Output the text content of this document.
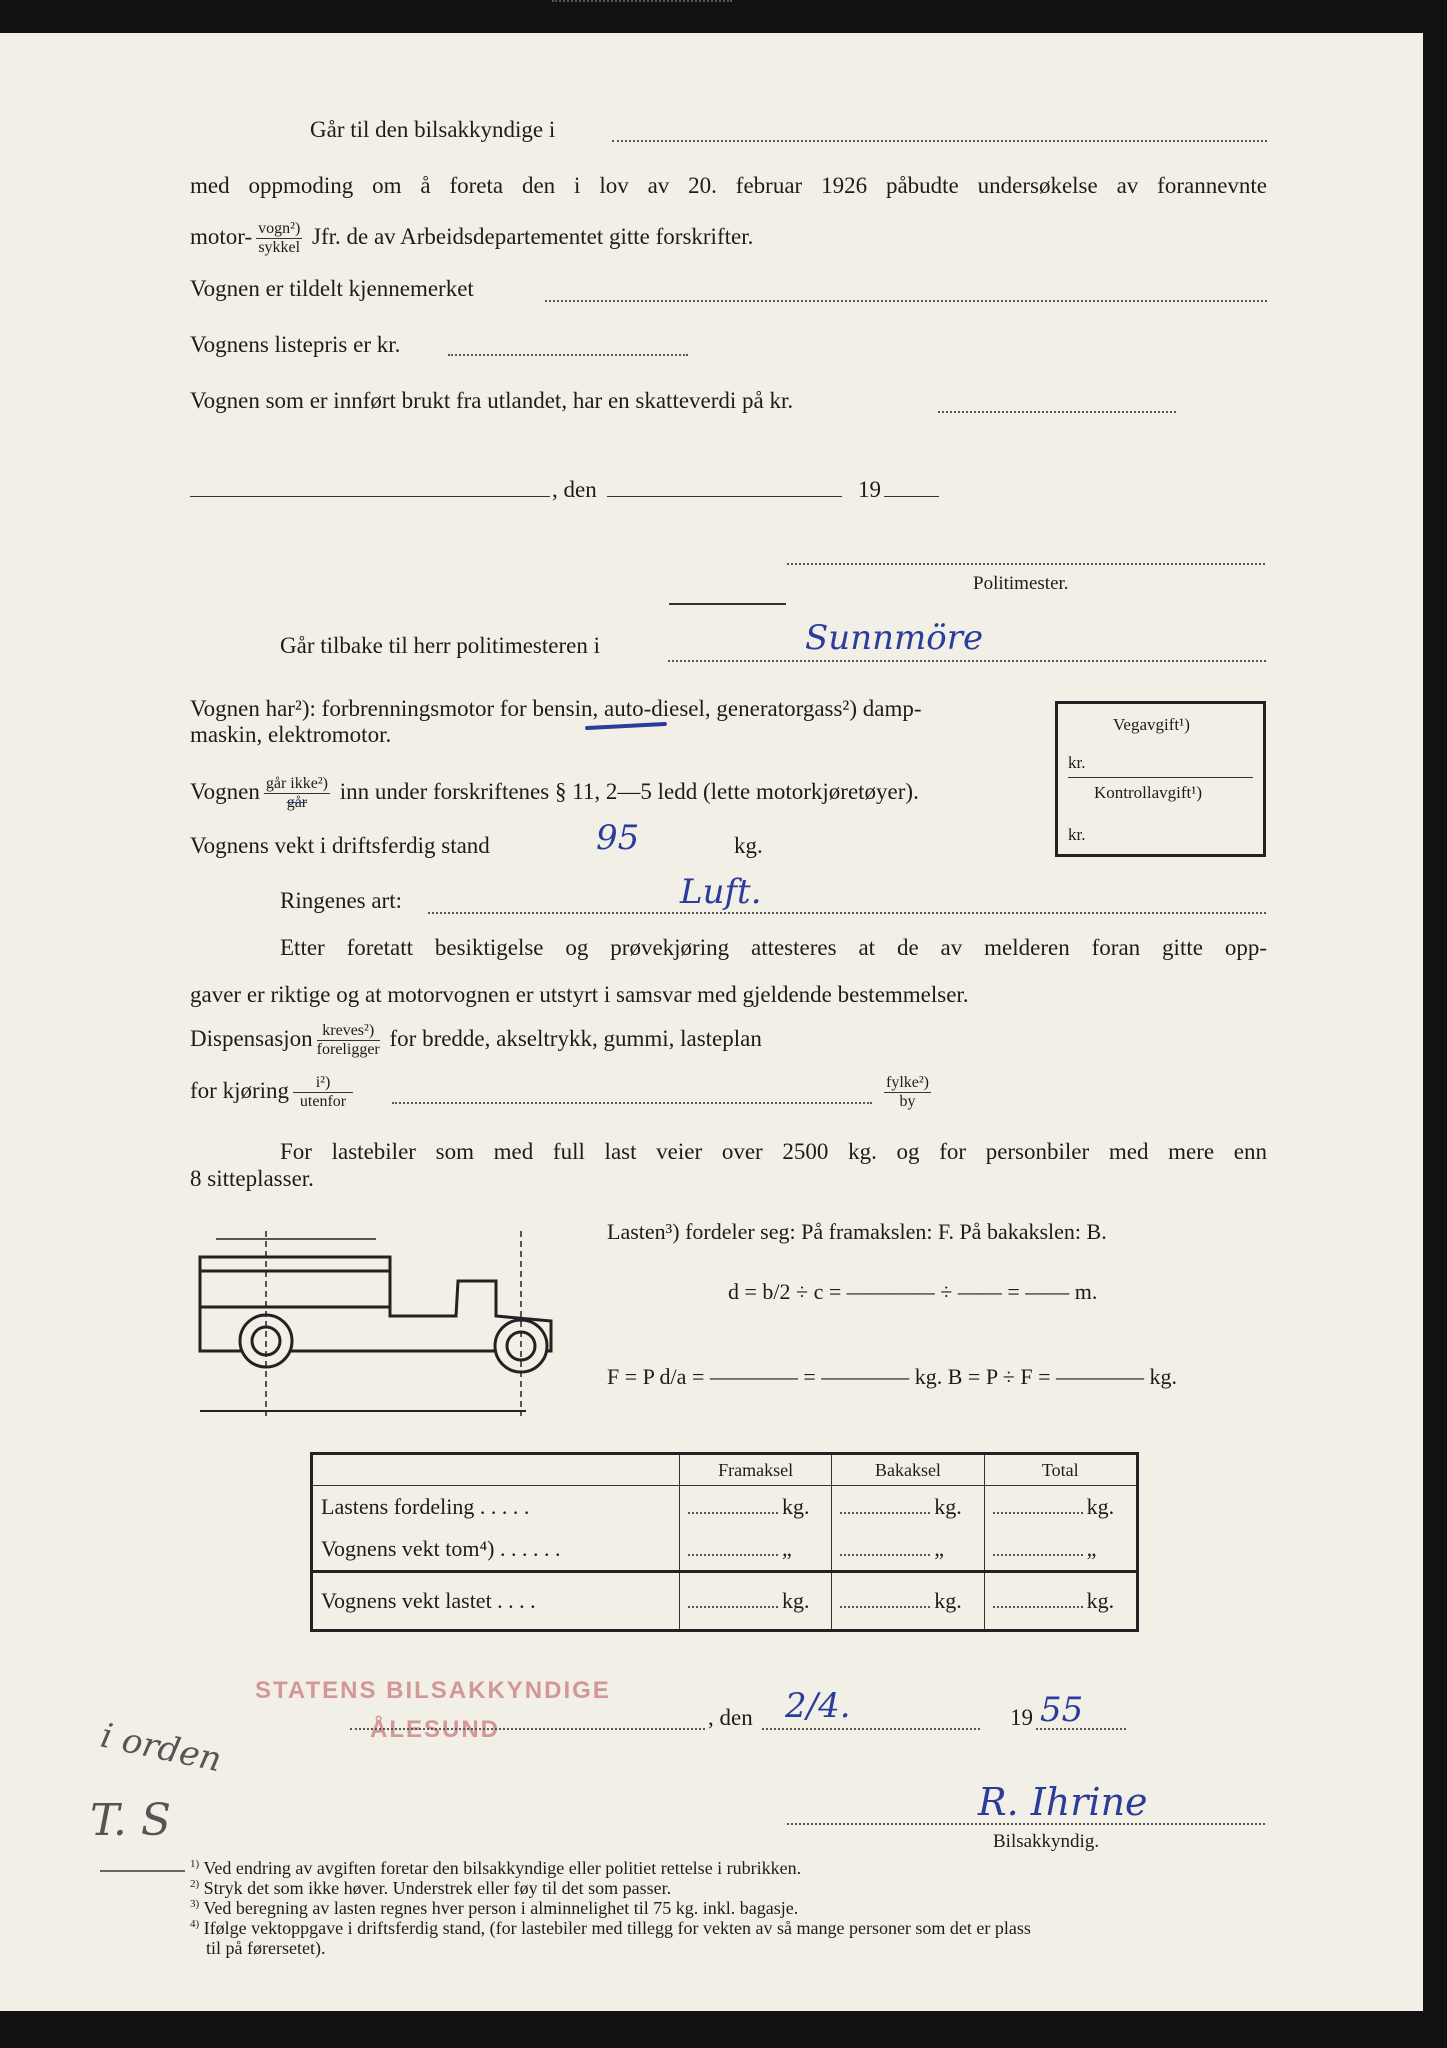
Går til den bilsakkyndige i
med oppmoding om å foreta den i lov av 20. februar 1926 påbudte undersøkelse av forannevnte
motor- $\frac{\text{vogn²)}}{\text{sykkel}}$ Jfr. de av Arbeidsdepartementet gitte forskrifter.
Vognen er tildelt kjennemerket
Vognens listepris er kr.
Vognen som er innført brukt fra utlandet, har en skatteverdi på kr.
, den	19
Politimester.
Går tilbake til herr politimesteren i	Sunnmöre
Vognen har²): forbrenningsmotor for bensin, auto-diesel, generatorgass²) damp-
maskin, elektromotor.
Vognen $\frac{\text{går ikke²)}}{\text{går}}$ inn under forskriftenes § 11, 2—5 ledd (lette motorkjøretøyer).
Vognens vekt i driftsferdig stand	95	kg.
Ringenes art:	Luft.
Vegavgift¹)
kr.
Kontrollavgift¹)
kr.
Etter foretatt besiktigelse og prøvekjøring attesteres at de av melderen foran gitte opp-
gaver er riktige og at motorvognen er utstyrt i samsvar med gjeldende bestemmelser.
Dispensasjon $\frac{\text{kreves²)}}{\text{foreligger}}$ for bredde, akseltrykk, gummi, lasteplan
for kjøring $\frac{\text{i²)}}{\text{utenfor}}$	$\frac{\text{fylke²)}}{by}$
For lastebiler som med full last veier over 2500 kg. og for personbiler med mere enn
8 sitteplasser.
Lasten³) fordeler seg: På framakslen: F. På bakakslen: B.
d = b/2 ÷ c = ———— ÷ —— = —— m.
F = P d/a = ———— = ———— kg. B = P ÷ F = ———— kg.
	Framaksel	Bakaksel	Total
Lastens fordeling . . . . .	kg.	kg.	kg.
Vognens vekt tom⁴) . . . . . .	„	„	„
Vognens vekt lastet . . . .	kg.	kg.	kg.
STATENS BILSAKKYNDIGE
ÅLESUND	, den 2/4.	19 55
R. Ihrine
Bilsakkyndig.
i orden
T. S
$^{1)}$ Ved endring av avgiften foretar den bilsakkyndige eller politiet rettelse i rubrikken.
$^{2)}$ Stryk det som ikke høver. Understrek eller føy til det som passer.
$^{3)}$ Ved beregning av lasten regnes hver person i alminnelighet til 75 kg. inkl. bagasje.
$^{4)}$ Ifølge vektoppgave i driftsferdig stand, (for lastebiler med tillegg for vekten av så mange personer som det er plass
til på førersetet).
